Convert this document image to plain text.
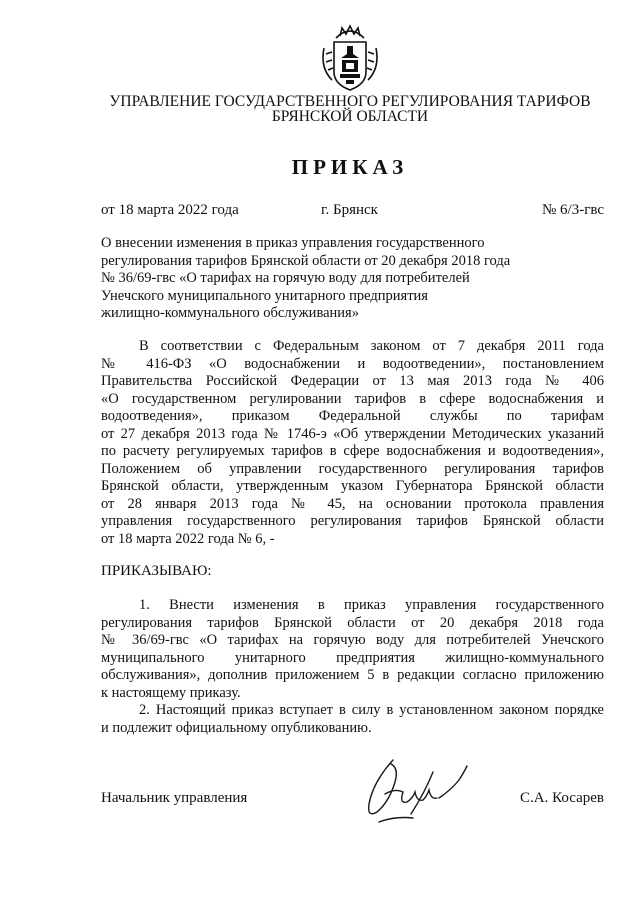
УПРАВЛЕНИЕ ГОСУДАРСТВЕННОГО РЕГУЛИРОВАНИЯ ТАРИФОВ
БРЯНСКОЙ ОБЛАСТИ
ПРИКАЗ
от 18 марта 2022 года	г. Брянск	№ 6/3-гвс
О внесении изменения в приказ управления государственного
регулирования тарифов Брянской области от 20 декабря 2018 года
№ 36/69-гвс «О тарифах на горячую воду для потребителей
Унечского муниципального унитарного предприятия
жилищно-коммунального обслуживания»
В соответствии с Федеральным законом от 7 декабря 2011 года
№ 416-ФЗ «О водоснабжении и водоотведении», постановлением
Правительства Российской Федерации от 13 мая 2013 года № 406
«О государственном регулировании тарифов в сфере водоснабжения и
водоотведения», приказом Федеральной службы по тарифам
от 27 декабря 2013 года № 1746-э «Об утверждении Методических указаний
по расчету регулируемых тарифов в сфере водоснабжения и водоотведения»,
Положением об управлении государственного регулирования тарифов
Брянской области, утвержденным указом Губернатора Брянской области
от 28 января 2013 года № 45, на основании протокола правления
управления государственного регулирования тарифов Брянской области
от 18 марта 2022 года № 6, -
ПРИКАЗЫВАЮ:
1. Внести изменения в приказ управления государственного
регулирования тарифов Брянской области от 20 декабря 2018 года
№ 36/69-гвс «О тарифах на горячую воду для потребителей Унечского
муниципального унитарного предприятия жилищно-коммунального
обслуживания», дополнив приложением 5 в редакции согласно приложению
к настоящему приказу.
2. Настоящий приказ вступает в силу в установленном законом порядке
и подлежит официальному опубликованию.
Начальник управления	С.А. Косарев
